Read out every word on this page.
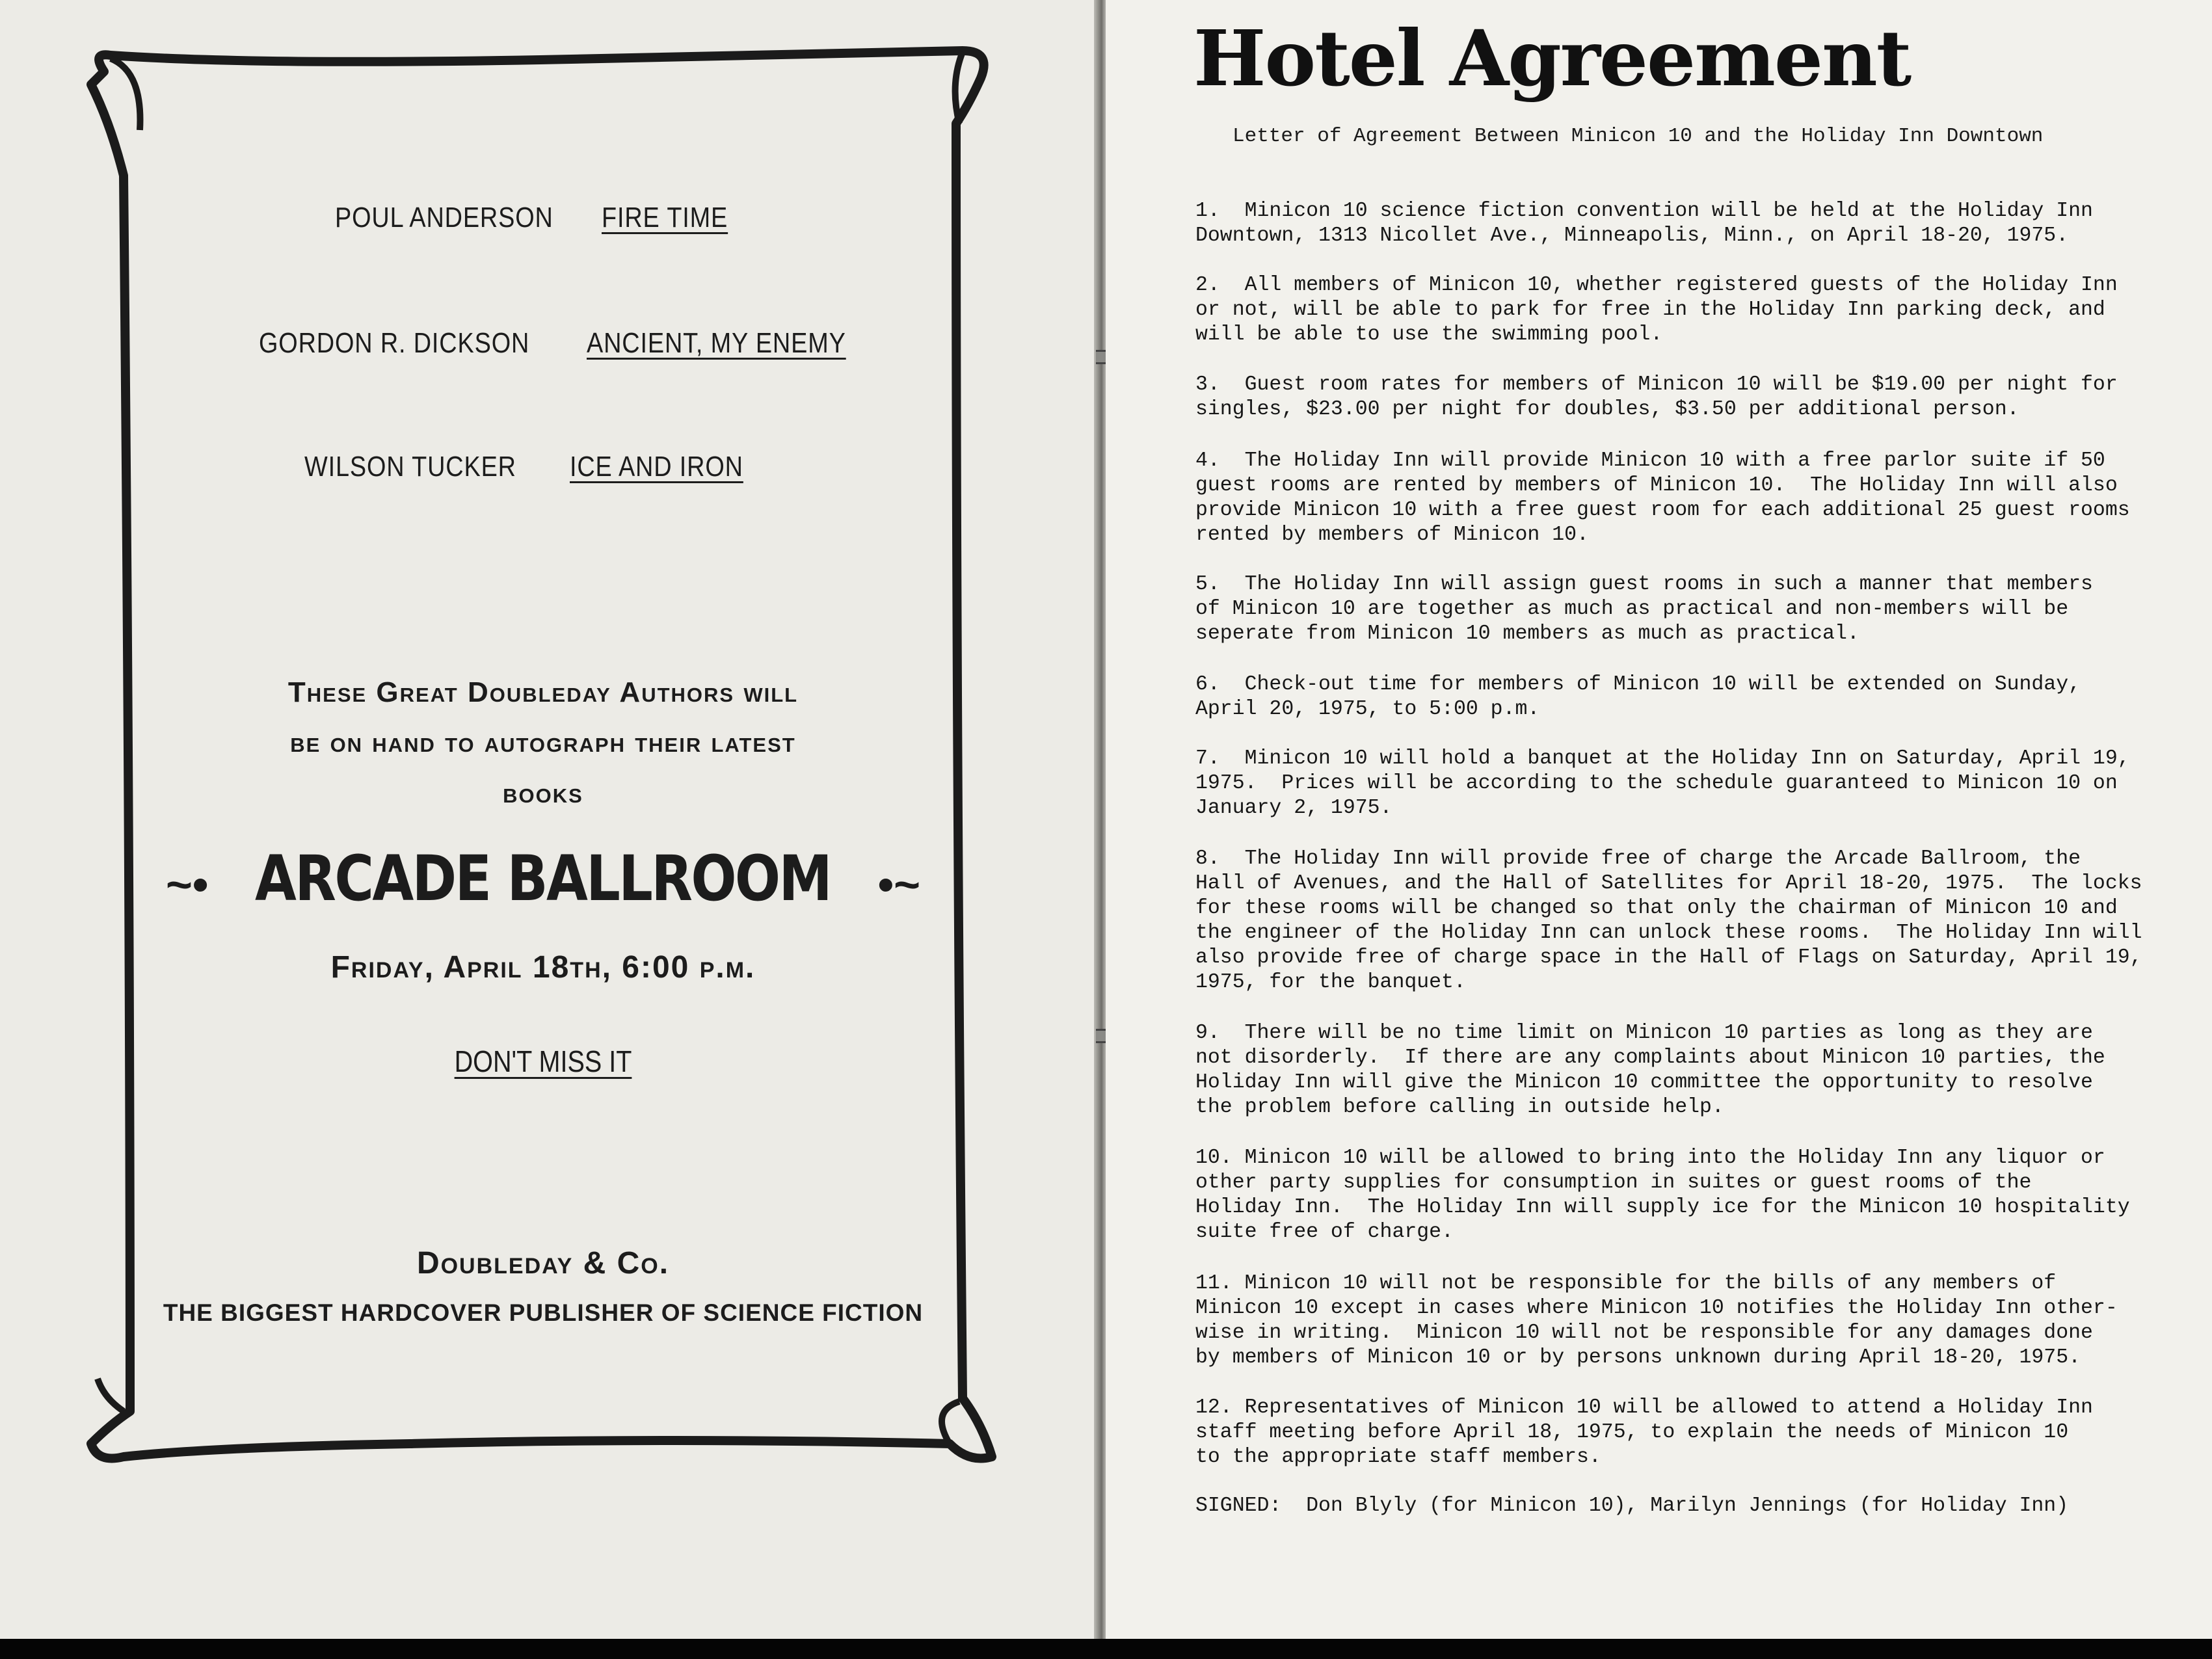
POUL ANDERSON FIRE TIME
GORDON R. DICKSON ANCIENT, MY ENEMY
WILSON TUCKER ICE AND IRON
These Great Doubleday Authors will
be on hand to autograph their latest
books
~• ARCADE BALLROOM •~
Friday, April 18th, 6:00 p.m.
DON'T MISS IT
Doubleday & Co.
THE BIGGEST HARDCOVER PUBLISHER OF SCIENCE FICTION
Hotel Agreement
Letter of Agreement Between Minicon 10 and the Holiday Inn Downtown
1.  Minicon 10 science fiction convention will be held at the Holiday Inn
Downtown, 1313 Nicollet Ave., Minneapolis, Minn., on April 18-20, 1975.
2.  All members of Minicon 10, whether registered guests of the Holiday Inn
or not, will be able to park for free in the Holiday Inn parking deck, and
will be able to use the swimming pool.
3.  Guest room rates for members of Minicon 10 will be $19.00 per night for
singles, $23.00 per night for doubles, $3.50 per additional person.
4.  The Holiday Inn will provide Minicon 10 with a free parlor suite if 50
guest rooms are rented by members of Minicon 10.  The Holiday Inn will also
provide Minicon 10 with a free guest room for each additional 25 guest rooms
rented by members of Minicon 10.
5.  The Holiday Inn will assign guest rooms in such a manner that members
of Minicon 10 are together as much as practical and non-members will be
seperate from Minicon 10 members as much as practical.
6.  Check-out time for members of Minicon 10 will be extended on Sunday,
April 20, 1975, to 5:00 p.m.
7.  Minicon 10 will hold a banquet at the Holiday Inn on Saturday, April 19,
1975.  Prices will be according to the schedule guaranteed to Minicon 10 on
January 2, 1975.
8.  The Holiday Inn will provide free of charge the Arcade Ballroom, the
Hall of Avenues, and the Hall of Satellites for April 18-20, 1975.  The locks
for these rooms will be changed so that only the chairman of Minicon 10 and
the engineer of the Holiday Inn can unlock these rooms.  The Holiday Inn will
also provide free of charge space in the Hall of Flags on Saturday, April 19,
1975, for the banquet.
9.  There will be no time limit on Minicon 10 parties as long as they are
not disorderly.  If there are any complaints about Minicon 10 parties, the
Holiday Inn will give the Minicon 10 committee the opportunity to resolve
the problem before calling in outside help.
10. Minicon 10 will be allowed to bring into the Holiday Inn any liquor or
other party supplies for consumption in suites or guest rooms of the
Holiday Inn.  The Holiday Inn will supply ice for the Minicon 10 hospitality
suite free of charge.
11. Minicon 10 will not be responsible for the bills of any members of
Minicon 10 except in cases where Minicon 10 notifies the Holiday Inn other-
wise in writing.  Minicon 10 will not be responsible for any damages done
by members of Minicon 10 or by persons unknown during April 18-20, 1975.
12. Representatives of Minicon 10 will be allowed to attend a Holiday Inn
staff meeting before April 18, 1975, to explain the needs of Minicon 10
to the appropriate staff members.
SIGNED:  Don Blyly (for Minicon 10), Marilyn Jennings (for Holiday Inn)
